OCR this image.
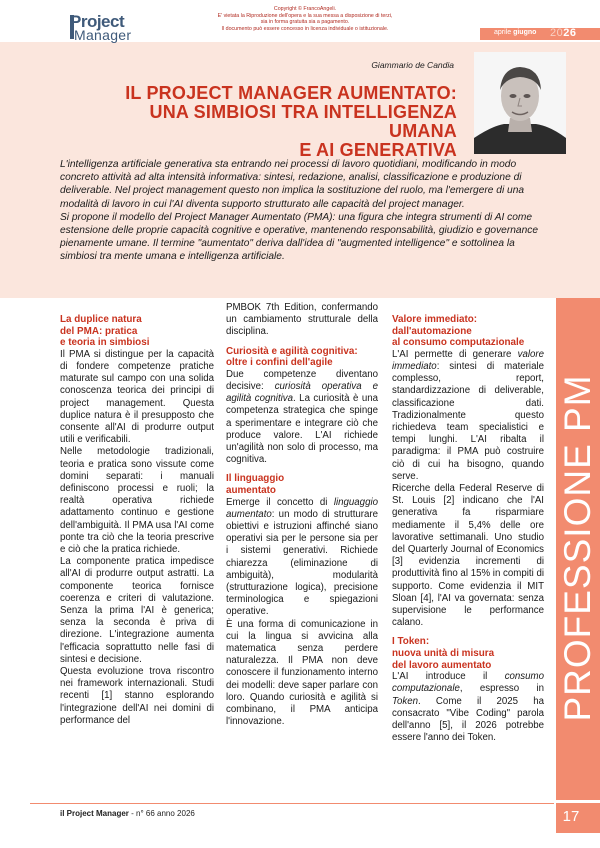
Project
Manager
Copyright © FrancoAngeli.
E' vietata la Riproduzione dell'opera e la sua messa a disposizione di terzi,
sia in forma gratuita sia a pagamento.
Il documento può essere concesso in licenza individuale o istituzionale.
aprile giugno 2026
Giammario de Candia
IL PROJECT MANAGER AUMENTATO:
UNA SIMBIOSI TRA INTELLIGENZA UMANA
E AI GENERATIVA

L'intelligenza artificiale generativa sta entrando nei processi di lavoro quotidiani, modificando in modo concreto attività ad alta intensità informativa: sintesi, redazione, analisi, classificazione e produzione di deliverable. Nel project management questo non implica la sostituzione del ruolo, ma l'emergere di una modalità di lavoro in cui l'AI diventa supporto strutturato alle capacità del project manager.

Si propone il modello del Project Manager Aumentato (PMA): una figura che integra strumenti di AI come estensione delle proprie capacità cognitive e operative, mantenendo responsabilità, giudizio e governance pienamente umane. Il termine "aumentato" deriva dall'idea di "augmented intelligence" e sottolinea la simbiosi tra mente umana e intelligenza artificiale.

La duplice natura
del PMA: pratica
e teoria in simbiosi

Il PMA si distingue per la capacità di fondere competenze pratiche maturate sul campo con una solida conoscenza teorica dei principi di project management. Questa duplice natura è il presupposto che consente all'AI di produrre output utili e verificabili.

Nelle metodologie tradizionali, teoria e pratica sono vissute come domini separati: i manuali definiscono processi e ruoli; la realtà operativa richiede adattamento continuo e gestione dell'ambiguità. Il PMA usa l'AI come ponte tra ciò che la teoria prescrive e ciò che la pratica richiede.

La componente pratica impedisce all'AI di produrre output astratti. La componente teorica fornisce coerenza e criteri di valutazione. Senza la prima l'AI è generica; senza la seconda è priva di direzione. L'integrazione aumenta l'efficacia soprattutto nelle fasi di sintesi e decisione.

Questa evoluzione trova riscontro nei framework internazionali. Studi recenti [1] stanno esplorando l'integrazione dell'AI nei domini di performance del

PMBOK 7th Edition, confermando un cambiamento strutturale della disciplina.

Curiosità e agilità cognitiva:
oltre i confini dell'agile

Due competenze diventano decisive: curiosità operativa e agilità cognitiva. La curiosità è una competenza strategica che spinge a sperimentare e integrare ciò che produce valore. L'AI richiede un'agilità non solo di processo, ma cognitiva.

Il linguaggio
aumentato

Emerge il concetto di linguaggio aumentato: un modo di strutturare obiettivi e istruzioni affinché siano operativi sia per le persone sia per i sistemi generativi. Richiede chiarezza (eliminazione di ambiguità), modularità (strutturazione logica), precisione terminologica e spiegazioni operative.

È una forma di comunicazione in cui la lingua si avvicina alla matematica senza perdere naturalezza. Il PMA non deve conoscere il funzionamento interno dei modelli: deve saper parlare con loro. Quando curiosità e agilità si combinano, il PMA anticipa l'innovazione.

Valore immediato:
dall'automazione
al consumo computazionale

L'AI permette di generare valore immediato: sintesi di materiale complesso, report, standardizzazione di deliverable, classificazione dati. Tradizionalmente questo richiedeva team specialistici e tempi lunghi. L'AI ribalta il paradigma: il PMA può costruire ciò di cui ha bisogno, quando serve.

Ricerche della Federal Reserve di St. Louis [2] indicano che l'AI generativa fa risparmiare mediamente il 5,4% delle ore lavorative settimanali. Uno studio del Quarterly Journal of Economics [3] evidenzia incrementi di produttività fino al 15% in compiti di supporto. Come evidenzia il MIT Sloan [4], l'AI va governata: senza supervisione le performance calano.

I Token:
nuova unità di misura
del lavoro aumentato

L'AI introduce il consumo computazionale, espresso in Token. Come il 2025 ha consacrato "Vibe Coding" parola dell'anno [5], il 2026 potrebbe essere l'anno dei Token.

PROFESSIONE PM
il Project Manager - n° 66 anno 2026	17
